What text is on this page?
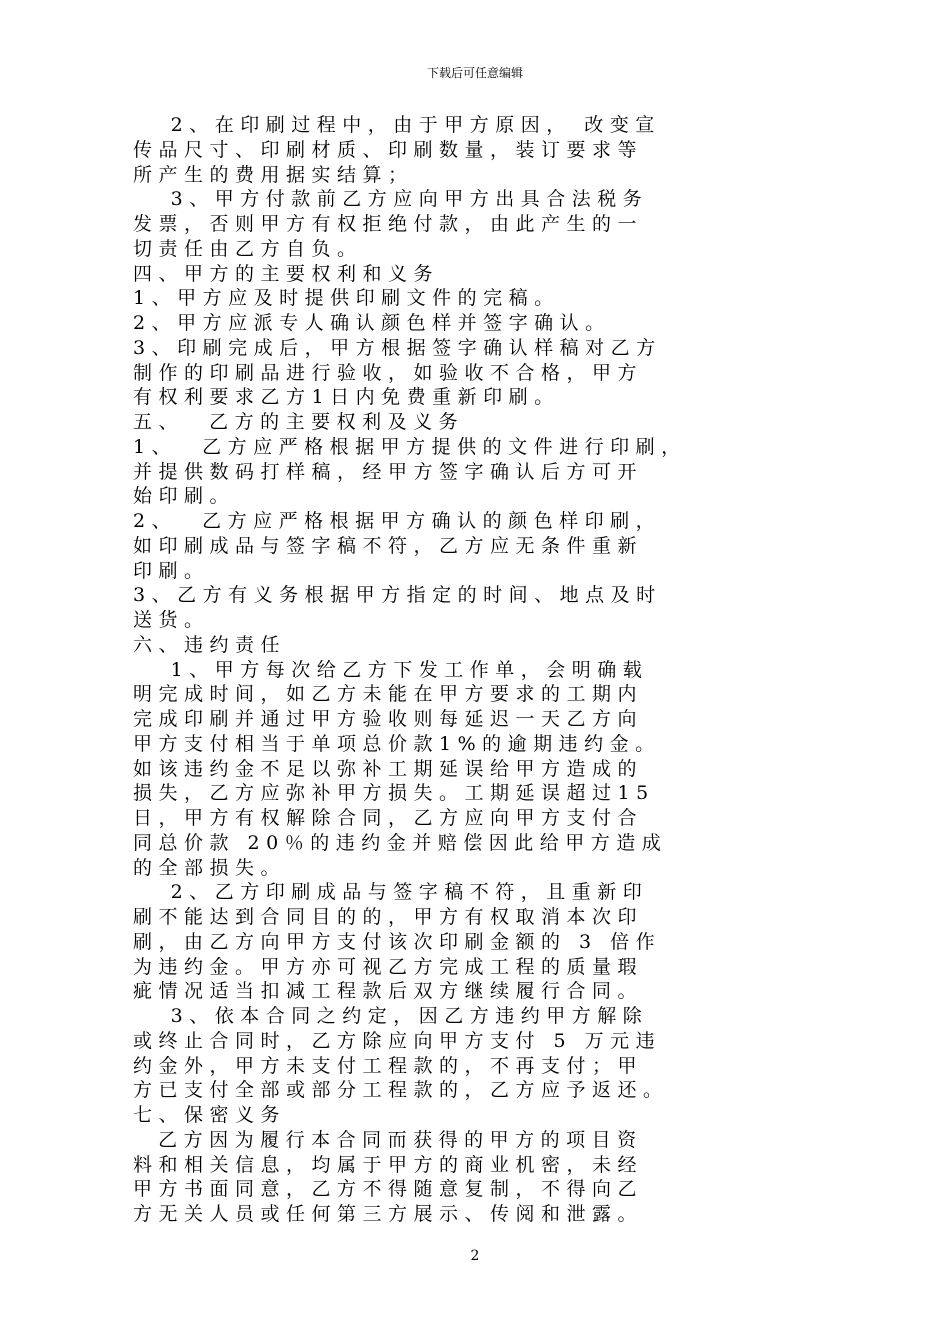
下载后可任意编辑
2、在印刷过程中，由于甲方原因， 改变宣
传品尺寸、印刷材质、印刷数量，装订要求等
所产生的费用据实结算；
3、甲方付款前乙方应向甲方出具合法税务
发票，否则甲方有权拒绝付款，由此产生的一
切责任由乙方自负。
四、甲方的主要权利和义务
1、甲方应及时提供印刷文件的完稿。
2、甲方应派专人确认颜色样并签字确认。
3、印刷完成后，甲方根据签字确认样稿对乙方
制作的印刷品进行验收，如验收不合格，甲方
有权利要求乙方1日内免费重新印刷。
五、  乙方的主要权利及义务
1、  乙方应严格根据甲方提供的文件进行印刷，
并提供数码打样稿，经甲方签字确认后方可开
始印刷。
2、  乙方应严格根据甲方确认的颜色样印刷，
如印刷成品与签字稿不符，乙方应无条件重新
印刷。
3、乙方有义务根据甲方指定的时间、地点及时
送货。
六、违约责任
1、甲方每次给乙方下发工作单，会明确载
明完成时间，如乙方未能在甲方要求的工期内
完成印刷并通过甲方验收则每延迟一天乙方向
甲方支付相当于单项总价款1%的逾期违约金。
如该违约金不足以弥补工期延误给甲方造成的
损失，乙方应弥补甲方损失。工期延误超过15
日，甲方有权解除合同，乙方应向甲方支付合
同总价款 20％的违约金并赔偿因此给甲方造成
的全部损失。
2、乙方印刷成品与签字稿不符，且重新印
刷不能达到合同目的的，甲方有权取消本次印
刷，由乙方向甲方支付该次印刷金额的 3 倍作
为违约金。甲方亦可视乙方完成工程的质量瑕
疵情况适当扣减工程款后双方继续履行合同。
3、依本合同之约定，因乙方违约甲方解除
或终止合同时，乙方除应向甲方支付 5 万元违
约金外，甲方未支付工程款的，不再支付；甲
方已支付全部或部分工程款的，乙方应予返还。
七、保密义务
乙方因为履行本合同而获得的甲方的项目资
料和相关信息，均属于甲方的商业机密，未经
甲方书面同意，乙方不得随意复制，不得向乙
方无关人员或任何第三方展示、传阅和泄露。
2
